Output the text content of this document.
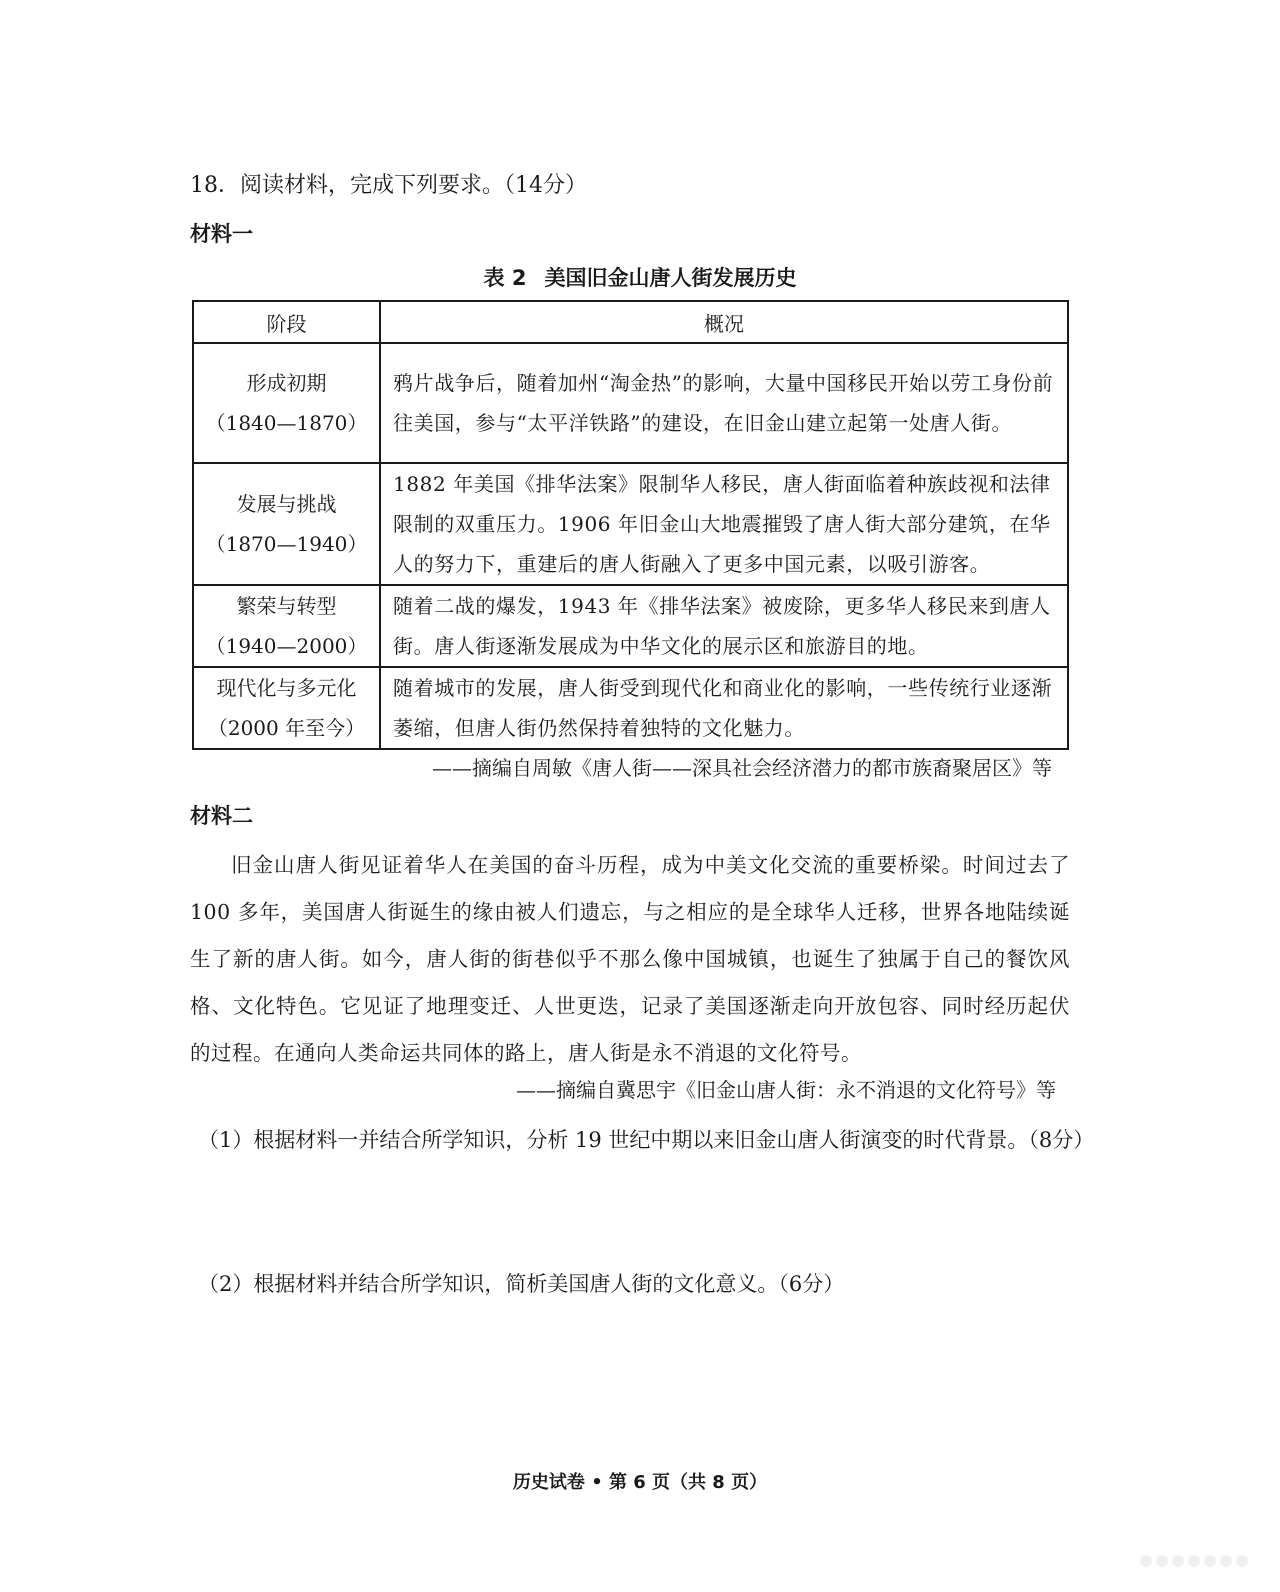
18．阅读材料，完成下列要求。（14分）
材料一
表 2 美国旧金山唐人街发展历史
阶段	概况

形成初期
（1840—1870）	鸦片战争后，随着加州“淘金热”的影响，大量中国移民开始以劳工身份前往美国，参与“太平洋铁路”的建设，在旧金山建立起第一处唐人街。

发展与挑战
（1870—1940）	1882 年美国《排华法案》限制华人移民，唐人街面临着种族歧视和法律限制的双重压力。1906 年旧金山大地震摧毁了唐人街大部分建筑，在华人的努力下，重建后的唐人街融入了更多中国元素，以吸引游客。

繁荣与转型
（1940—2000）	随着二战的爆发，1943 年《排华法案》被废除，更多华人移民来到唐人街。唐人街逐渐发展成为中华文化的展示区和旅游目的地。

现代化与多元化
（2000 年至今）	随着城市的发展，唐人街受到现代化和商业化的影响，一些传统行业逐渐萎缩，但唐人街仍然保持着独特的文化魅力。
——摘编自周敏《唐人街——深具社会经济潜力的都市族裔聚居区》等
材料二
旧金山唐人街见证着华人在美国的奋斗历程，成为中美文化交流的重要桥梁。时间过去了 100 多年，美国唐人街诞生的缘由被人们遗忘，与之相应的是全球华人迁移，世界各地陆续诞生了新的唐人街。如今，唐人街的街巷似乎不那么像中国城镇，也诞生了独属于自己的餐饮风格、文化特色。它见证了地理变迁、人世更迭，记录了美国逐渐走向开放包容、同时经历起伏的过程。在通向人类命运共同体的路上，唐人街是永不消退的文化符号。
——摘编自冀思宇《旧金山唐人街：永不消退的文化符号》等
（1）根据材料一并结合所学知识，分析 19 世纪中期以来旧金山唐人街演变的时代背景。（8分）
（2）根据材料并结合所学知识，简析美国唐人街的文化意义。（6分）
历史试卷 • 第 6 页（共 8 页）
